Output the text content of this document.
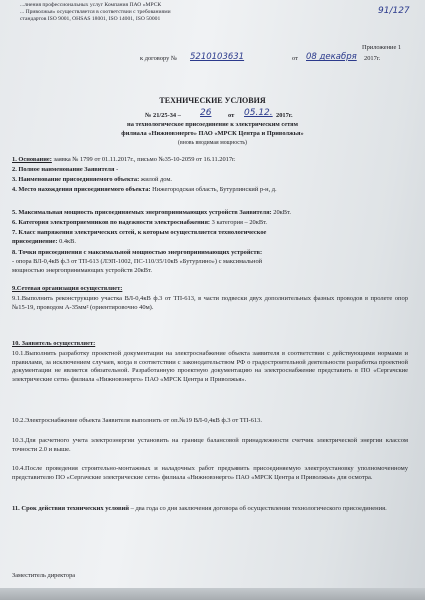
...лнения профессиональных услуг Компания ПАО «МРСК
... Приволжья» осуществляется в соответствии с требованиями
стандартов ISO 9001, OHSAS 18001, ISO 14001, ISO 50001
91/127
Приложение 1
к договору № 5210103631	от 08 декабря 2017г.
ТЕХНИЧЕСКИЕ УСЛОВИЯ
№ 21/25-34 – 26	от 05.12. 2017г.
на технологическое присоединение к электрическим сетям
филиала «Нижновэнерго» ПАО «МРСК Центра и Приволжья»
(вновь вводимая мощность)
1. Основание: заявка № 1799 от 01.11.2017г., письмо №35-10-2059 от 16.11.2017г.
2. Полное наименование Заявителя -
3. Наименование присоединяемого объекта: жилой дом.
4. Место нахождения присоединяемого объекта: Нижегородская область, Бутурлинский р-н, д.
5. Максимальная мощность присоединяемых энергопринимающих устройств Заявителя: 20кВт.
6. Категория электроприемников по надежности электроснабжения: 3 категория – 20кВт.
7. Класс напряжения электрических сетей, к которым осуществляется технологическое
присоединение: 0.4кВ.
8. Точки присоединения с максимальной мощностью энергопринимающих устройств:
- опора ВЛ-0,4кВ ф.3 от ТП-613 (ЛЭП-1002, ПС-110/35/10кВ «Бутурлино») с максимальной
мощностью энергопринимающих устройств 20кВт.
9.Сетевая организация осуществляет:
9.1.Выполнить реконструкцию участка ВЛ-0,4кВ ф.3 от ТП-613, в части подвески двух дополнительных фазных проводов в пролете опор №15-19, проводом А-35мм² (ориентировочно 40м).
10. Заявитель осуществляет:
10.1.Выполнить разработку проектной документации на электроснабжение объекта заявителя в соответствии с действующими нормами и правилами, за исключением случаев, когда в соответствии с законодательством РФ о градостроительной деятельности разработка проектной документации не является обязательной. Разработанную проектную документацию на электроснабжение представить в ПО «Сергачские электрические сети» филиала «Нижновэнерго» ПАО «МРСК Центра и Приволжья».
10.2.Электроснабжение объекта Заявителя выполнить от оп.№19 ВЛ-0,4кВ ф.3 от ТП-613.
10.3.Для расчетного учета электроэнергии установить на границе балансовой принадлежности счетчик электрической энергии классом точности 2.0 и выше.
10.4.После проведения строительно-монтажных и наладочных работ предъявить присоединяемую электроустановку уполномоченному представителю ПО «Сергачские электрические сети» филиала «Нижновэнерго» ПАО «МРСК Центра и Приволжья» для осмотра.
11. Срок действия технических условий – два года со дня заключения договора об осуществлении технологического присоединения.
Заместитель директора
